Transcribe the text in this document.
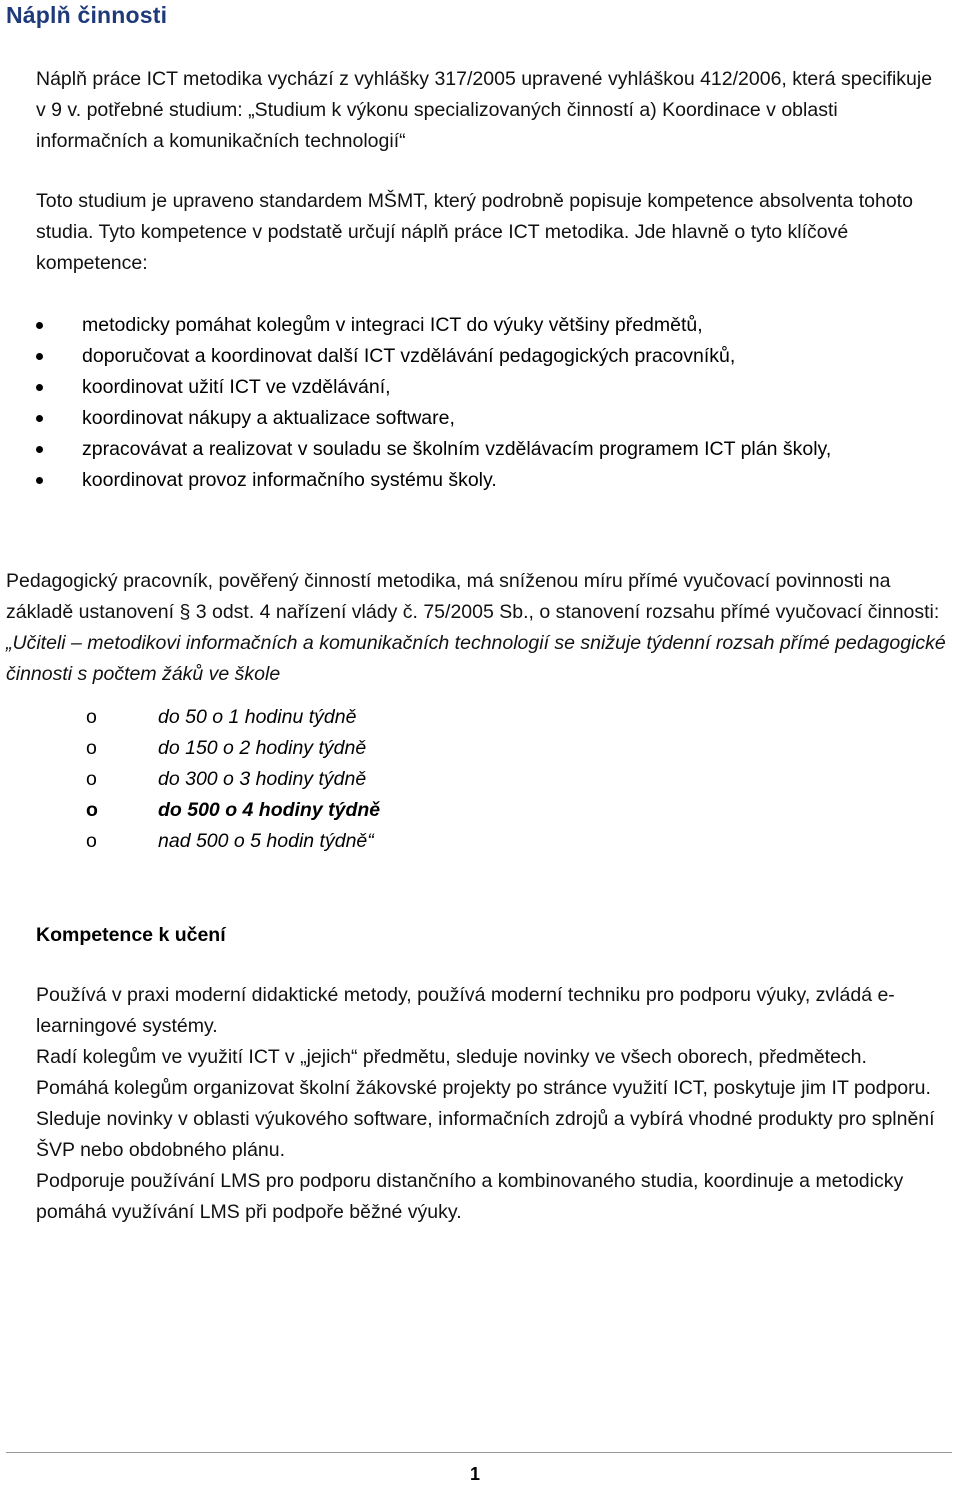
Náplň činnosti

Náplň práce ICT metodika vychází z vyhlášky 317/2005 upravené vyhláškou 412/2006, která specifikuje v 9 v. potřebné studium: „Studium k výkonu specializovaných činností a) Koordinace v oblasti informačních a komunikačních technologií“

Toto studium je upraveno standardem MŠMT, který podrobně popisuje kompetence absolventa tohoto studia. Tyto kompetence v podstatě určují náplň práce ICT metodika. Jde hlavně o tyto klíčové kompetence:

metodicky pomáhat kolegům v integraci ICT do výuky většiny předmětů,
doporučovat a koordinovat další ICT vzdělávání pedagogických pracovníků,
koordinovat užití ICT ve vzdělávání,
koordinovat nákupy a aktualizace software,
zpracovávat a realizovat v souladu se školním vzdělávacím programem ICT plán školy,
koordinovat provoz informačního systému školy.

Pedagogický pracovník, pověřený činností metodika, má sníženou míru přímé vyučovací povinnosti na základě ustanovení § 3 odst. 4 nařízení vlády č. 75/2005 Sb., o stanovení rozsahu přímé vyučovací činnosti: „Učiteli – metodikovi informačních a komunikačních technologií se snižuje týdenní rozsah přímé pedagogické činnosti s počtem žáků ve škole

o	do 50 o 1 hodinu týdně
o	do 150 o 2 hodiny týdně
o	do 300 o 3 hodiny týdně
o	do 500 o 4 hodiny týdně
o	nad 500 o 5 hodin týdně“
Kompetence k učení

Používá v praxi moderní didaktické metody, používá moderní techniku pro podporu výuky, zvládá e-learningové systémy.
Radí kolegům ve využití ICT v „jejich“ předmětu, sleduje novinky ve všech oborech, předmětech.
Pomáhá kolegům organizovat školní žákovské projekty po stránce využití ICT, poskytuje jim IT podporu.
Sleduje novinky v oblasti výukového software, informačních zdrojů a vybírá vhodné produkty pro splnění ŠVP nebo obdobného plánu.
Podporuje používání LMS pro podporu distančního a kombinovaného studia, koordinuje a metodicky pomáhá využívání LMS při podpoře běžné výuky.

1
